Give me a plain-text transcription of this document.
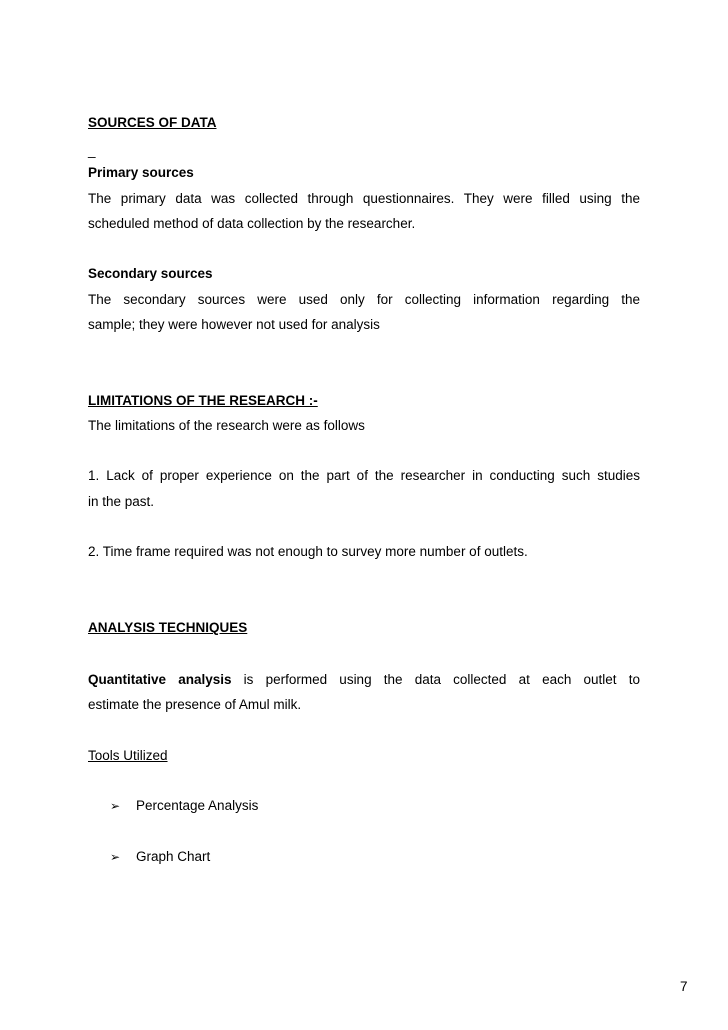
SOURCES OF DATA
_
Primary sources
The primary data was collected through questionnaires. They were filled using the
scheduled method of data collection by the researcher.
Secondary sources
The secondary sources were used only for collecting information regarding the
sample; they were however not used for analysis
LIMITATIONS OF THE RESEARCH :-
The limitations of the research were as follows
1. Lack of proper experience on the part of the researcher in conducting such studies
in the past.
2. Time frame required was not enough to survey more number of outlets.
ANALYSIS TECHNIQUES
Quantitative analysis is performed using the data collected at each outlet to
estimate the presence of Amul milk.
Tools Utilized
➢ Percentage Analysis
➢ Graph Chart
7
